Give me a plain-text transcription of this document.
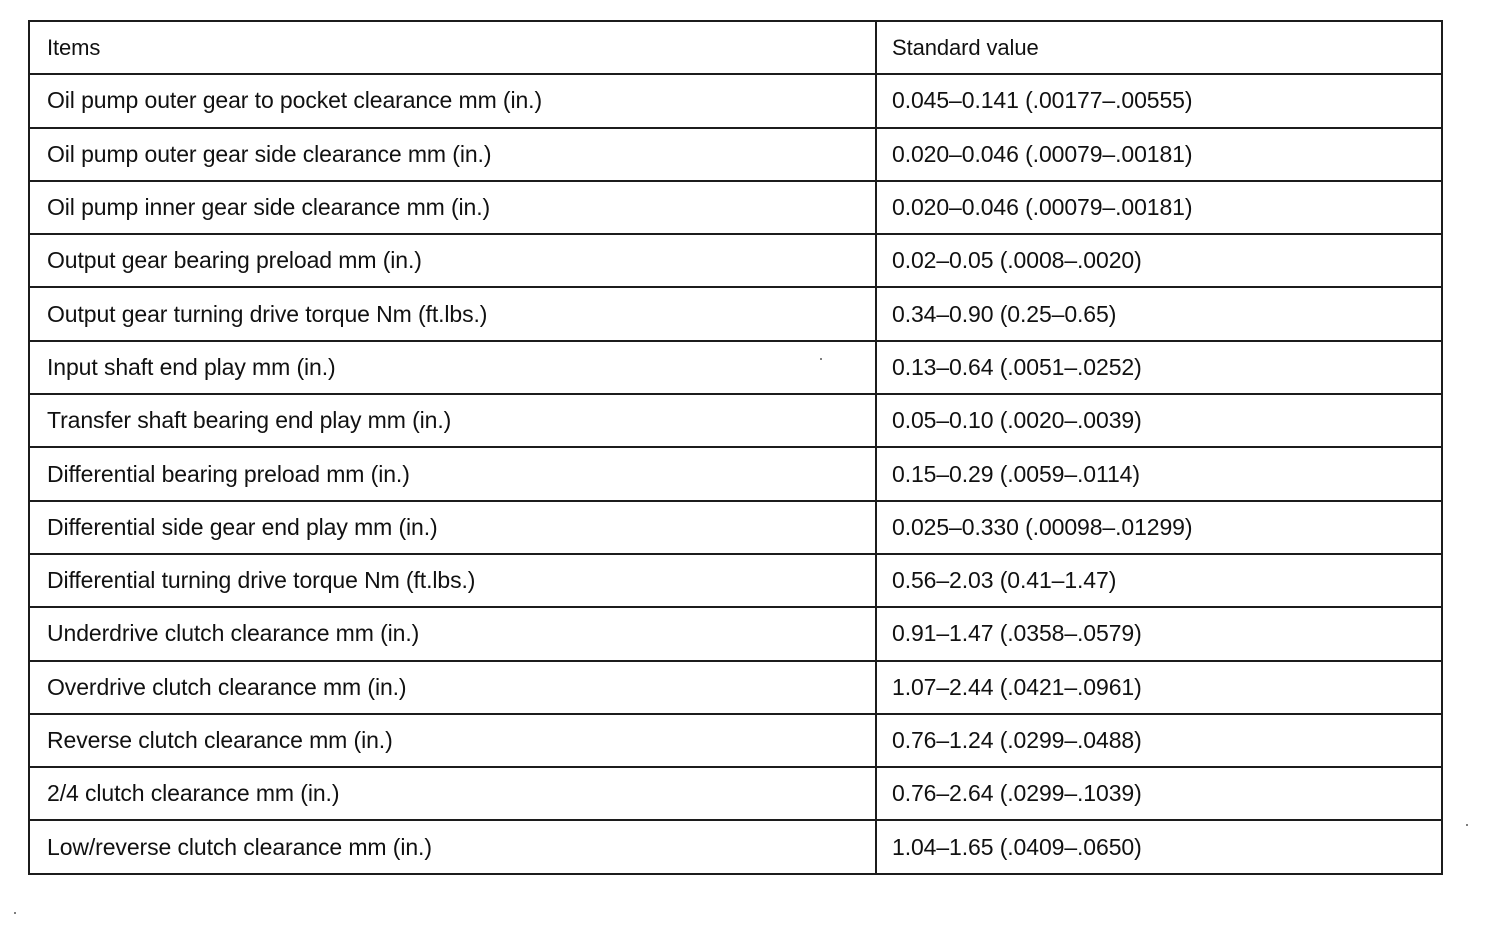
Items	Standard value
Oil pump outer gear to pocket clearance mm (in.)	0.045–0.141 (.00177–.00555)
Oil pump outer gear side clearance mm (in.)	0.020–0.046 (.00079–.00181)
Oil pump inner gear side clearance mm (in.)	0.020–0.046 (.00079–.00181)
Output gear bearing preload mm (in.)	0.02–0.05 (.0008–.0020)
Output gear turning drive torque Nm (ft.lbs.)	0.34–0.90 (0.25–0.65)
Input shaft end play mm (in.)	0.13–0.64 (.0051–.0252)
Transfer shaft bearing end play mm (in.)	0.05–0.10 (.0020–.0039)
Differential bearing preload mm (in.)	0.15–0.29 (.0059–.0114)
Differential side gear end play mm (in.)	0.025–0.330 (.00098–.01299)
Differential turning drive torque Nm (ft.lbs.)	0.56–2.03 (0.41–1.47)
Underdrive clutch clearance mm (in.)	0.91–1.47 (.0358–.0579)
Overdrive clutch clearance mm (in.)	1.07–2.44 (.0421–.0961)
Reverse clutch clearance mm (in.)	0.76–1.24 (.0299–.0488)
2/4 clutch clearance mm (in.)	0.76–2.64 (.0299–.1039)
Low/reverse clutch clearance mm (in.)	1.04–1.65 (.0409–.0650)
